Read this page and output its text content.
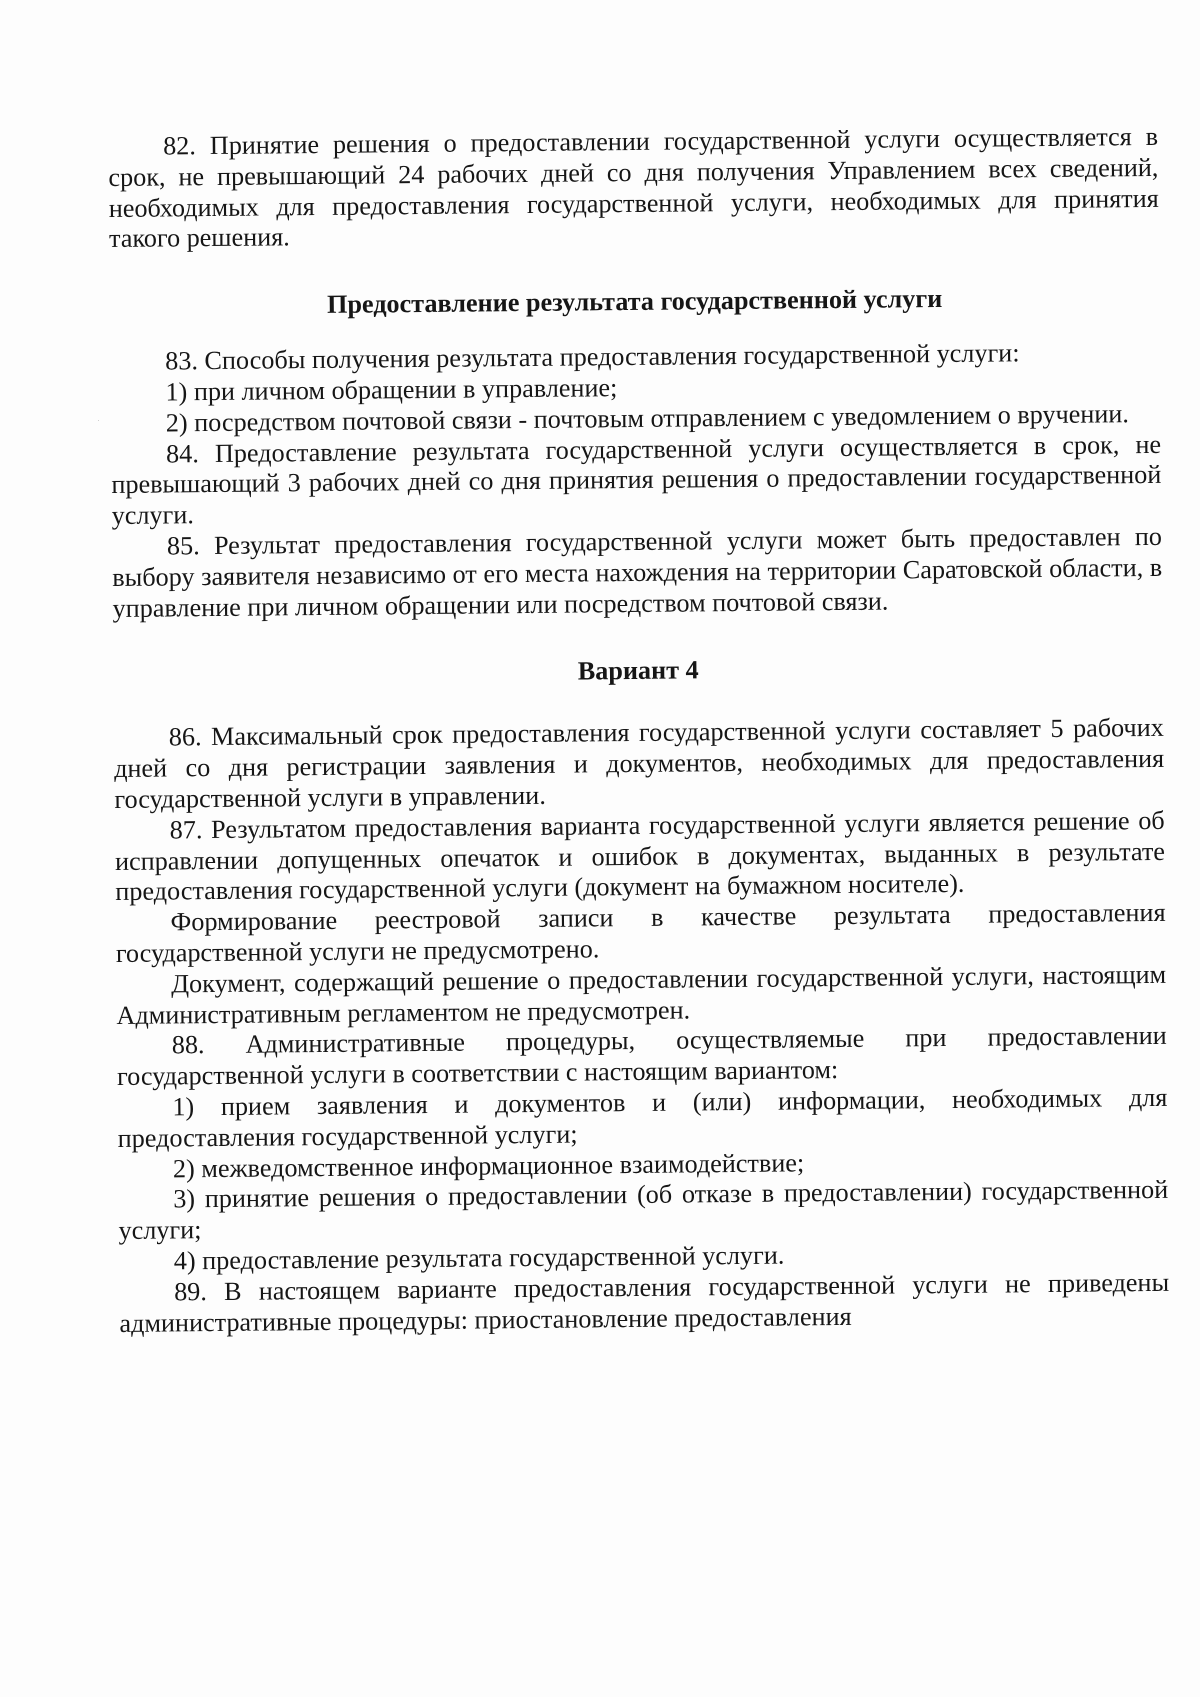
82. Принятие решения о предоставлении государственной услуги осуществляется в срок, не превышающий 24 рабочих дней со дня получения Управлением всех сведений, необходимых для предоставления государственной услуги, необходимых для принятия такого решения.

Предоставление результата государственной услуги

83. Способы получения результата предоставления государственной услуги:

1) при личном обращении в управление;

2) посредством почтовой связи - почтовым отправлением с уведомлением о вручении.

84. Предоставление результата государственной услуги осуществляется в срок, не превышающий 3 рабочих дней со дня принятия решения о предоставлении государственной услуги.

85. Результат предоставления государственной услуги может быть предоставлен по выбору заявителя независимо от его места нахождения на территории Саратовской области, в управление при личном обращении или посредством почтовой связи.

Вариант 4

86. Максимальный срок предоставления государственной услуги составляет 5 рабочих дней со дня регистрации заявления и документов, необходимых для предоставления государственной услуги в управлении.

87. Результатом предоставления варианта государственной услуги является решение об исправлении допущенных опечаток и ошибок в документах, выданных в результате предоставления государственной услуги (документ на бумажном носителе).

Формирование реестровой записи в качестве результата предоставления государственной услуги не предусмотрено.

Документ, содержащий решение о предоставлении государственной услуги, настоящим Административным регламентом не предусмотрен.

88. Административные процедуры, осуществляемые при предоставлении государственной услуги в соответствии с настоящим вариантом:

1) прием заявления и документов и (или) информации, необходимых для предоставления государственной услуги;

2) межведомственное информационное взаимодействие;

3) принятие решения о предоставлении (об отказе в предоставлении) государственной услуги;

4) предоставление результата государственной услуги.

89. В настоящем варианте предоставления государственной услуги не приведены административные процедуры: приостановление предоставления
